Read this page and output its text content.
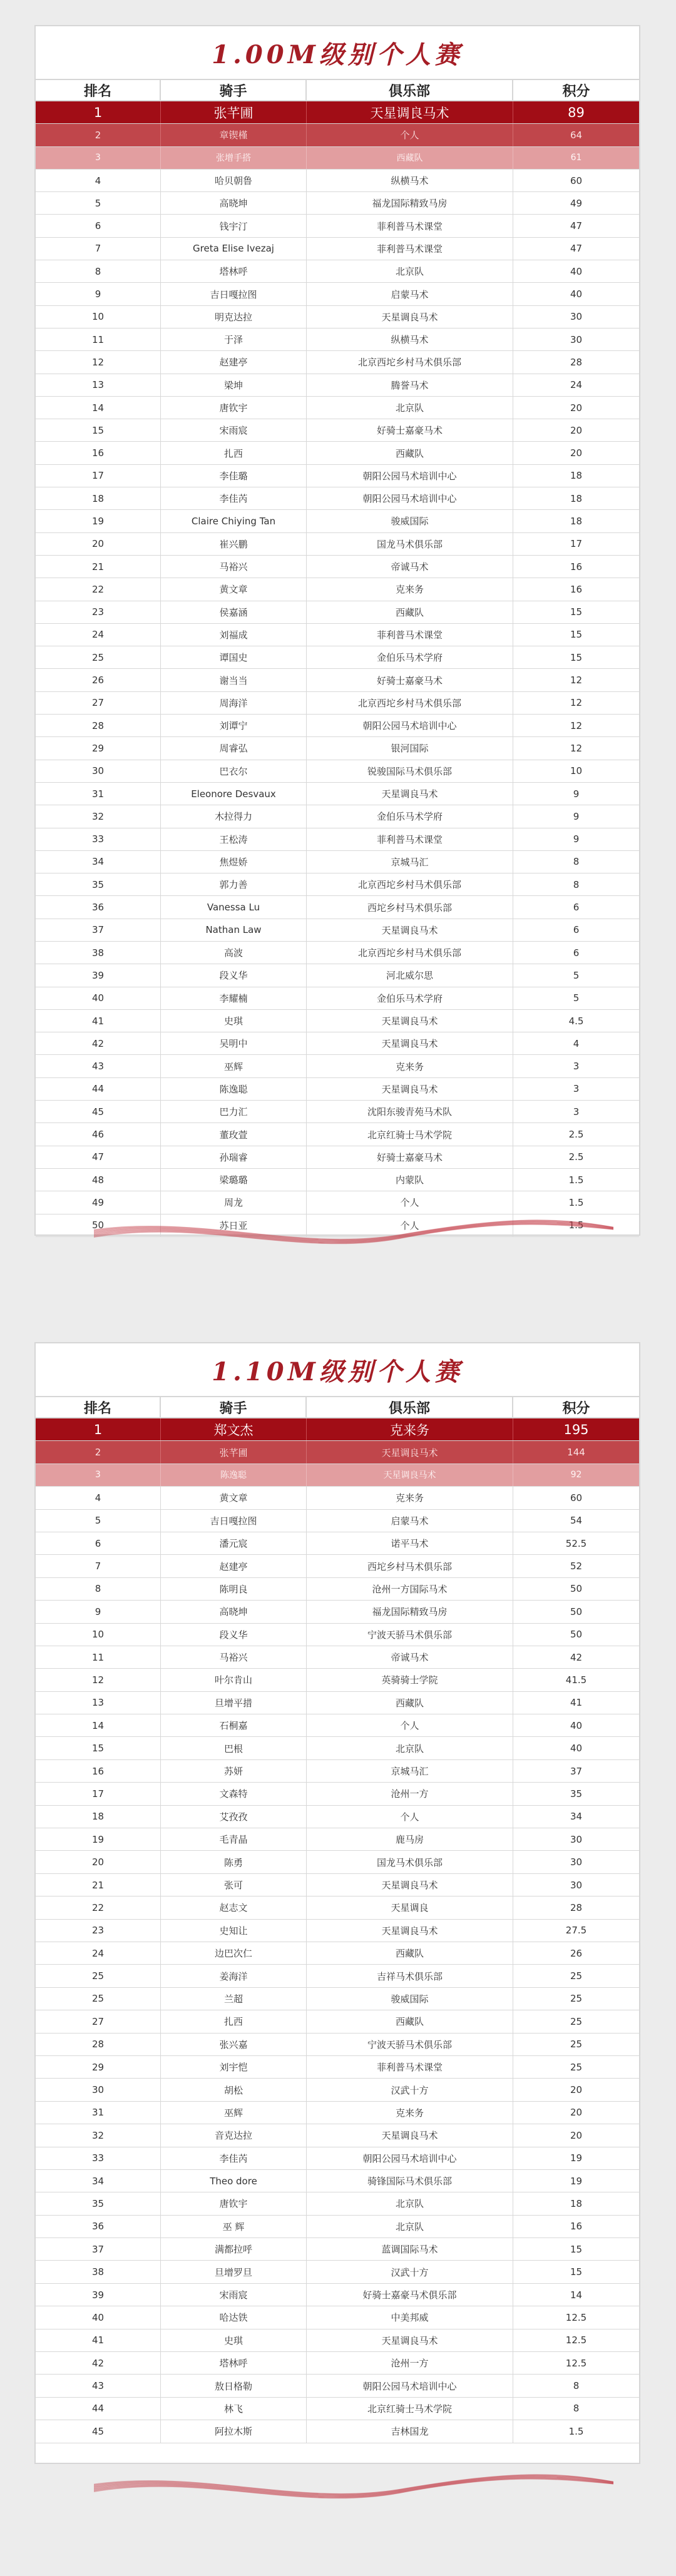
1.00M级别个人赛
排名	骑手	俱乐部	积分
1	张芊圃	天星调良马术	89
2	章锲槿	个人	64
3	张增手搭	西藏队	61
4	哈贝朝鲁	纵横马术	60
5	高晓坤	福龙国际精致马房	49
6	钱宇汀	菲利普马术课堂	47
7	Greta Elise Ivezaj	菲利普马术课堂	47
8	塔林呼	北京队	40
9	吉日嘎拉图	启蒙马术	40
10	明克达拉	天星调良马术	30
11	于泽	纵横马术	30
12	赵建亭	北京西坨乡村马术俱乐部	28
13	梁坤	腾誉马术	24
14	唐钦宇	北京队	20
15	宋雨宸	好骑士嘉豪马术	20
16	扎西	西藏队	20
17	李佳璐	朝阳公园马术培训中心	18
18	李佳芮	朝阳公园马术培训中心	18
19	Claire Chiying Tan	骏威国际	18
20	崔兴鹏	国龙马术俱乐部	17
21	马裕兴	帝诚马术	16
22	黄文章	克来务	16
23	侯嘉涵	西藏队	15
24	刘福成	菲利普马术课堂	15
25	谭国史	金伯乐马术学府	15
26	谢当当	好骑士嘉豪马术	12
27	周海洋	北京西坨乡村马术俱乐部	12
28	刘谭宁	朝阳公园马术培训中心	12
29	周睿弘	银河国际	12
30	巴衣尔	锐骏国际马术俱乐部	10
31	Eleonore Desvaux	天星调良马术	9
32	木拉得力	金伯乐马术学府	9
33	王松涛	菲利普马术课堂	9
34	焦煜娇	京城马汇	8
35	郭力善	北京西坨乡村马术俱乐部	8
36	Vanessa Lu	西坨乡村马术俱乐部	6
37	Nathan Law	天星调良马术	6
38	高波	北京西坨乡村马术俱乐部	6
39	段义华	河北威尔思	5
40	李耀楠	金伯乐马术学府	5
41	史琪	天星调良马术	4.5
42	吴明中	天星调良马术	4
43	巫辉	克来务	3
44	陈逸聪	天星调良马术	3
45	巴力汇	沈阳东骏青苑马术队	3
46	董玫萱	北京红骑士马术学院	2.5
47	孙瑞睿	好骑士嘉豪马术	2.5
48	梁璐璐	内蒙队	1.5
49	周龙	个人	1.5
50	苏日亚	个人	1.5
1.10M级别个人赛
排名	骑手	俱乐部	积分
1	郑文杰	克来务	195
2	张芊圃	天星调良马术	144
3	陈逸聪	天星调良马术	92
4	黄文章	克来务	60
5	吉日嘎拉图	启蒙马术	54
6	潘元宸	诺平马术	52.5
7	赵建亭	西坨乡村马术俱乐部	52
8	陈明良	沧州一方国际马术	50
9	高晓坤	福龙国际精致马房	50
10	段义华	宁波天骄马术俱乐部	50
11	马裕兴	帝诚马术	42
12	叶尔肯山	英骑骑士学院	41.5
13	旦增平措	西藏队	41
14	石桐嘉	个人	40
15	巴根	北京队	40
16	苏妍	京城马汇	37
17	文森特	沧州一方	35
18	艾孜孜	个人	34
19	毛青晶	鹿马房	30
20	陈勇	国龙马术俱乐部	30
21	张可	天星调良马术	30
22	赵志文	天星调良	28
23	史知让	天星调良马术	27.5
24	边巴次仁	西藏队	26
25	姜海洋	吉祥马术俱乐部	25
25	兰超	骏威国际	25
27	扎西	西藏队	25
28	张兴嘉	宁波天骄马术俱乐部	25
29	刘宇恺	菲利普马术课堂	25
30	胡松	汉武十方	20
31	巫辉	克来务	20
32	音克达拉	天星调良马术	20
33	李佳芮	朝阳公园马术培训中心	19
34	Theo dore	骑锋国际马术俱乐部	19
35	唐钦宇	北京队	18
36	巫 辉	北京队	16
37	满都拉呼	蓝调国际马术	15
38	旦增罗旦	汉武十方	15
39	宋雨宸	好骑士嘉豪马术俱乐部	14
40	哈达铁	中美邦威	12.5
41	史琪	天星调良马术	12.5
42	塔林呼	沧州一方	12.5
43	敖日格勒	朝阳公园马术培训中心	8
44	林飞	北京红骑士马术学院	8
45	阿拉木斯	吉林国龙	1.5
